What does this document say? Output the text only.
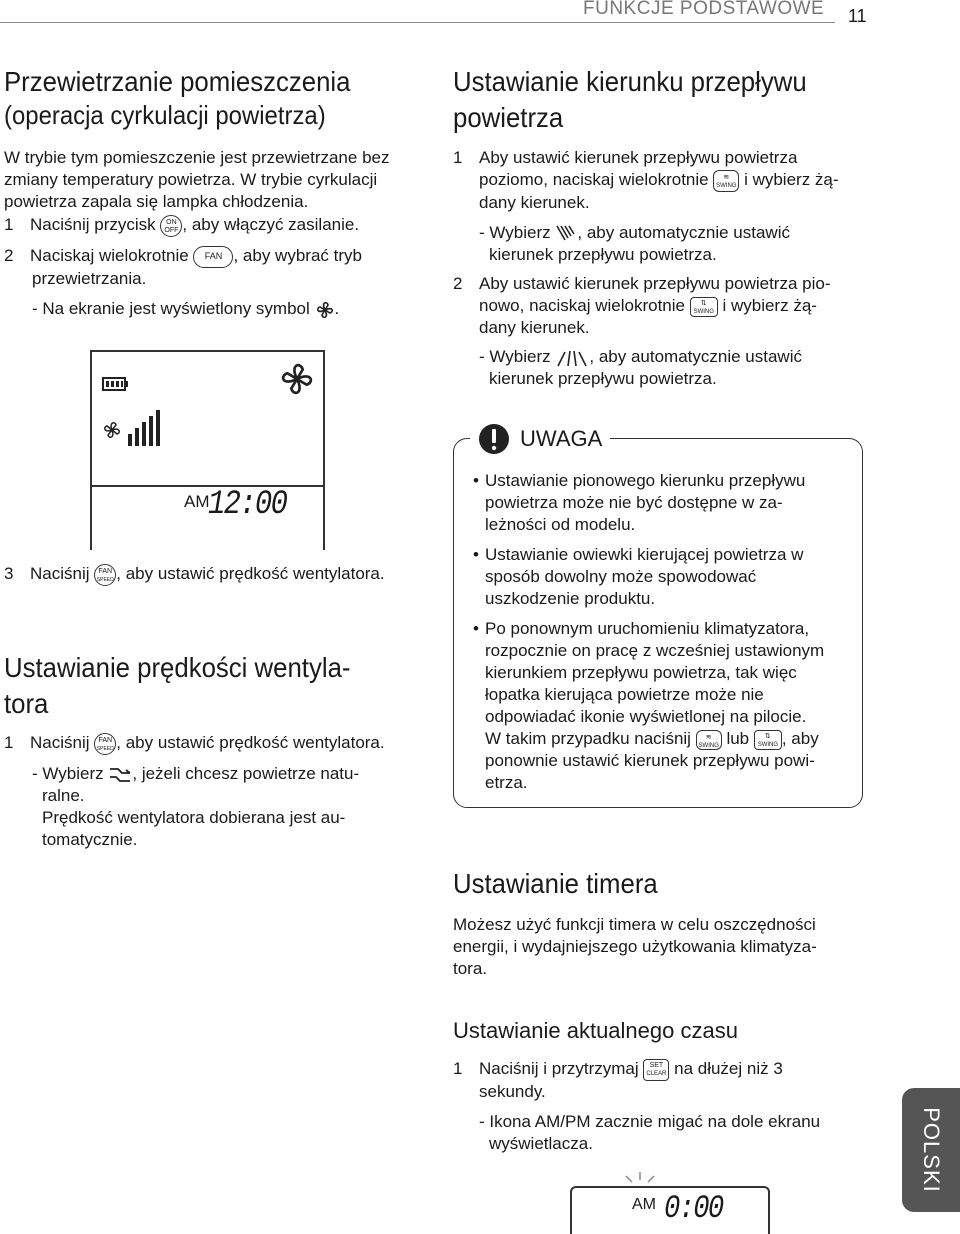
FUNKCJE PODSTAWOWE 11
POLSKI
Przewietrzanie pomieszczenia
(operacja cyrkulacji powietrza)
W trybie tym pomieszczenie jest przewietrzane bez
zmiany temperatury powietrza. W trybie cyrkulacji
powietrza zapala się lampka chłodzenia.
1 Naciśnij przycisk ON
OFF , aby włączyć zasilanie.
2 Naciskaj wielokrotnie FAN , aby wybrać tryb
przewietrzania.
- Na ekranie jest wyświetlony symbol .
AM
12:00
3 Naciśnij FAN
SPEED , aby ustawić prędkość wentylatora.
Ustawianie prędkości wentyla-
tora
1 Naciśnij FAN
SPEED , aby ustawić prędkość wentylatora.
- Wybierz , jeżeli chcesz powietrze natu-
ralne.
Prędkość wentylatora dobierana jest au-
tomatycznie.
Ustawianie kierunku przepływu
powietrza
1 Aby ustawić kierunek przepływu powietrza
poziomo, naciskaj wielokrotnie ≋
SWING i wybierz żą-
dany kierunek.
- Wybierz , aby automatycznie ustawić
kierunek przepływu powietrza.
2 Aby ustawić kierunek przepływu powietrza pio-
nowo, naciskaj wielokrotnie ⇅
SWING i wybierz żą-
dany kierunek.
- Wybierz , aby automatycznie ustawić
kierunek przepływu powietrza.
UWAGA
• Ustawianie pionowego kierunku przepływu
powietrza może nie być dostępne w za-
leżności od modelu.
• Ustawianie owiewki kierującej powietrza w
sposób dowolny może spowodować
uszkodzenie produktu.
• Po ponownym uruchomieniu klimatyzatora,
rozpocznie on pracę z wcześniej ustawionym
kierunkiem przepływu powietrza, tak więc
łopatka kierująca powietrze może nie
odpowiadać ikonie wyświetlonej na pilocie.
W takim przypadku naciśnij ≋
SWING lub ⇅
SWING , aby
ponownie ustawić kierunek przepływu powi-
etrza.
Ustawianie timera
Możesz użyć funkcji timera w celu oszczędności
energii, i wydajniejszego użytkowania klimatyza-
tora.
Ustawianie aktualnego czasu
1 Naciśnij i przytrzymaj SET
CLEAR na dłużej niż 3
sekundy.
- Ikona AM/PM zacznie migać na dole ekranu
wyświetlacza.
AM 0:00
